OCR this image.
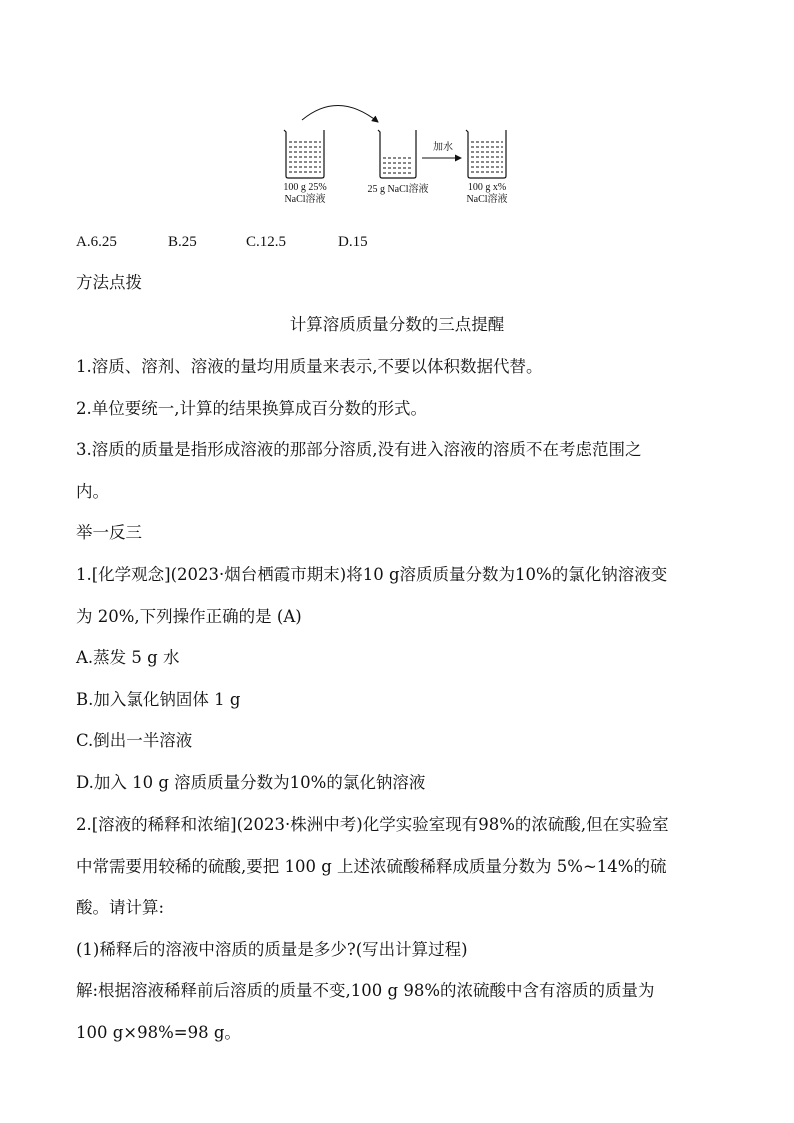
加水
100 g 25%
NaCl溶液
25 g NaCl溶液	100 g x%
NaCl溶液
A.6.25	B.25	C.12.5	D.15
方法点拨
计算溶质质量分数的三点提醒
1.溶质、溶剂、溶液的量均用质量来表示,不要以体积数据代替。
2.单位要统一,计算的结果换算成百分数的形式。
3.溶质的质量是指形成溶液的那部分溶质,没有进入溶液的溶质不在考虑范围之
内。
举一反三
1.[化学观念](2023·烟台栖霞市期末)将10 g溶质质量分数为10%的氯化钠溶液变
为 20%,下列操作正确的是 (A)
A.蒸发 5 g 水
B.加入氯化钠固体 1 g
C.倒出一半溶液
D.加入 10 g 溶质质量分数为10%的氯化钠溶液
2.[溶液的稀释和浓缩](2023·株洲中考)化学实验室现有98%的浓硫酸,但在实验室
中常需要用较稀的硫酸,要把 100 g 上述浓硫酸稀释成质量分数为 5%~14%的硫
酸。请计算:
(1)稀释后的溶液中溶质的质量是多少?(写出计算过程)
解:根据溶液稀释前后溶质的质量不变,100 g 98%的浓硫酸中含有溶质的质量为
100 g×98%=98 g。
